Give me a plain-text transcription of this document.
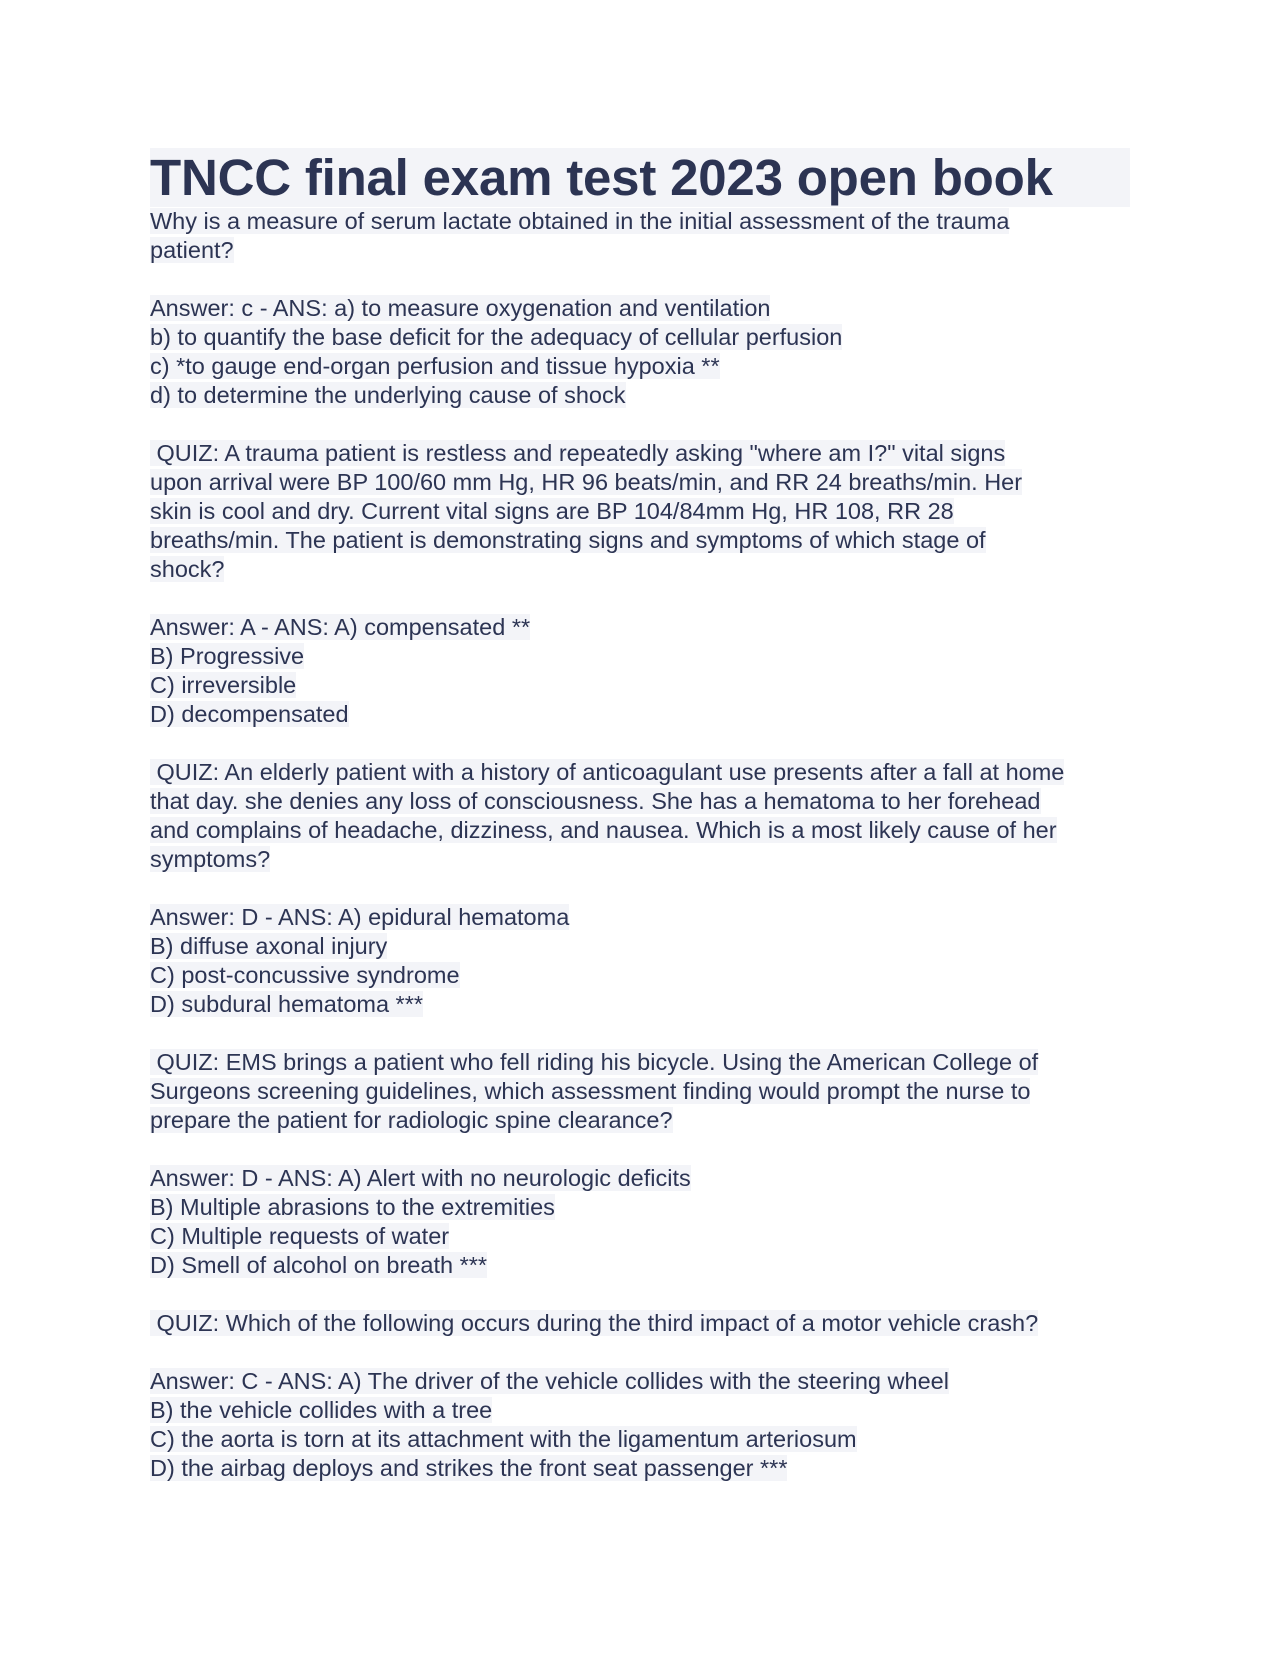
TNCC final exam test 2023 open book
Why is a measure of serum lactate obtained in the initial assessment of the trauma
patient?
Answer: c - ANS: a) to measure oxygenation and ventilation
b) to quantify the base deficit for the adequacy of cellular perfusion
c) *to gauge end-organ perfusion and tissue hypoxia **
d) to determine the underlying cause of shock
QUIZ: A trauma patient is restless and repeatedly asking "where am I?" vital signs
upon arrival were BP 100/60 mm Hg, HR 96 beats/min, and RR 24 breaths/min. Her
skin is cool and dry. Current vital signs are BP 104/84mm Hg, HR 108, RR 28
breaths/min. The patient is demonstrating signs and symptoms of which stage of
shock?
Answer: A - ANS: A) compensated **
B) Progressive
C) irreversible
D) decompensated
QUIZ: An elderly patient with a history of anticoagulant use presents after a fall at home
that day. she denies any loss of consciousness. She has a hematoma to her forehead
and complains of headache, dizziness, and nausea. Which is a most likely cause of her
symptoms?
Answer: D - ANS: A) epidural hematoma
B) diffuse axonal injury
C) post-concussive syndrome
D) subdural hematoma ***
QUIZ: EMS brings a patient who fell riding his bicycle. Using the American College of
Surgeons screening guidelines, which assessment finding would prompt the nurse to
prepare the patient for radiologic spine clearance?
Answer: D - ANS: A) Alert with no neurologic deficits
B) Multiple abrasions to the extremities
C) Multiple requests of water
D) Smell of alcohol on breath ***
QUIZ: Which of the following occurs during the third impact of a motor vehicle crash?
Answer: C - ANS: A) The driver of the vehicle collides with the steering wheel
B) the vehicle collides with a tree
C) the aorta is torn at its attachment with the ligamentum arteriosum
D) the airbag deploys and strikes the front seat passenger ***
